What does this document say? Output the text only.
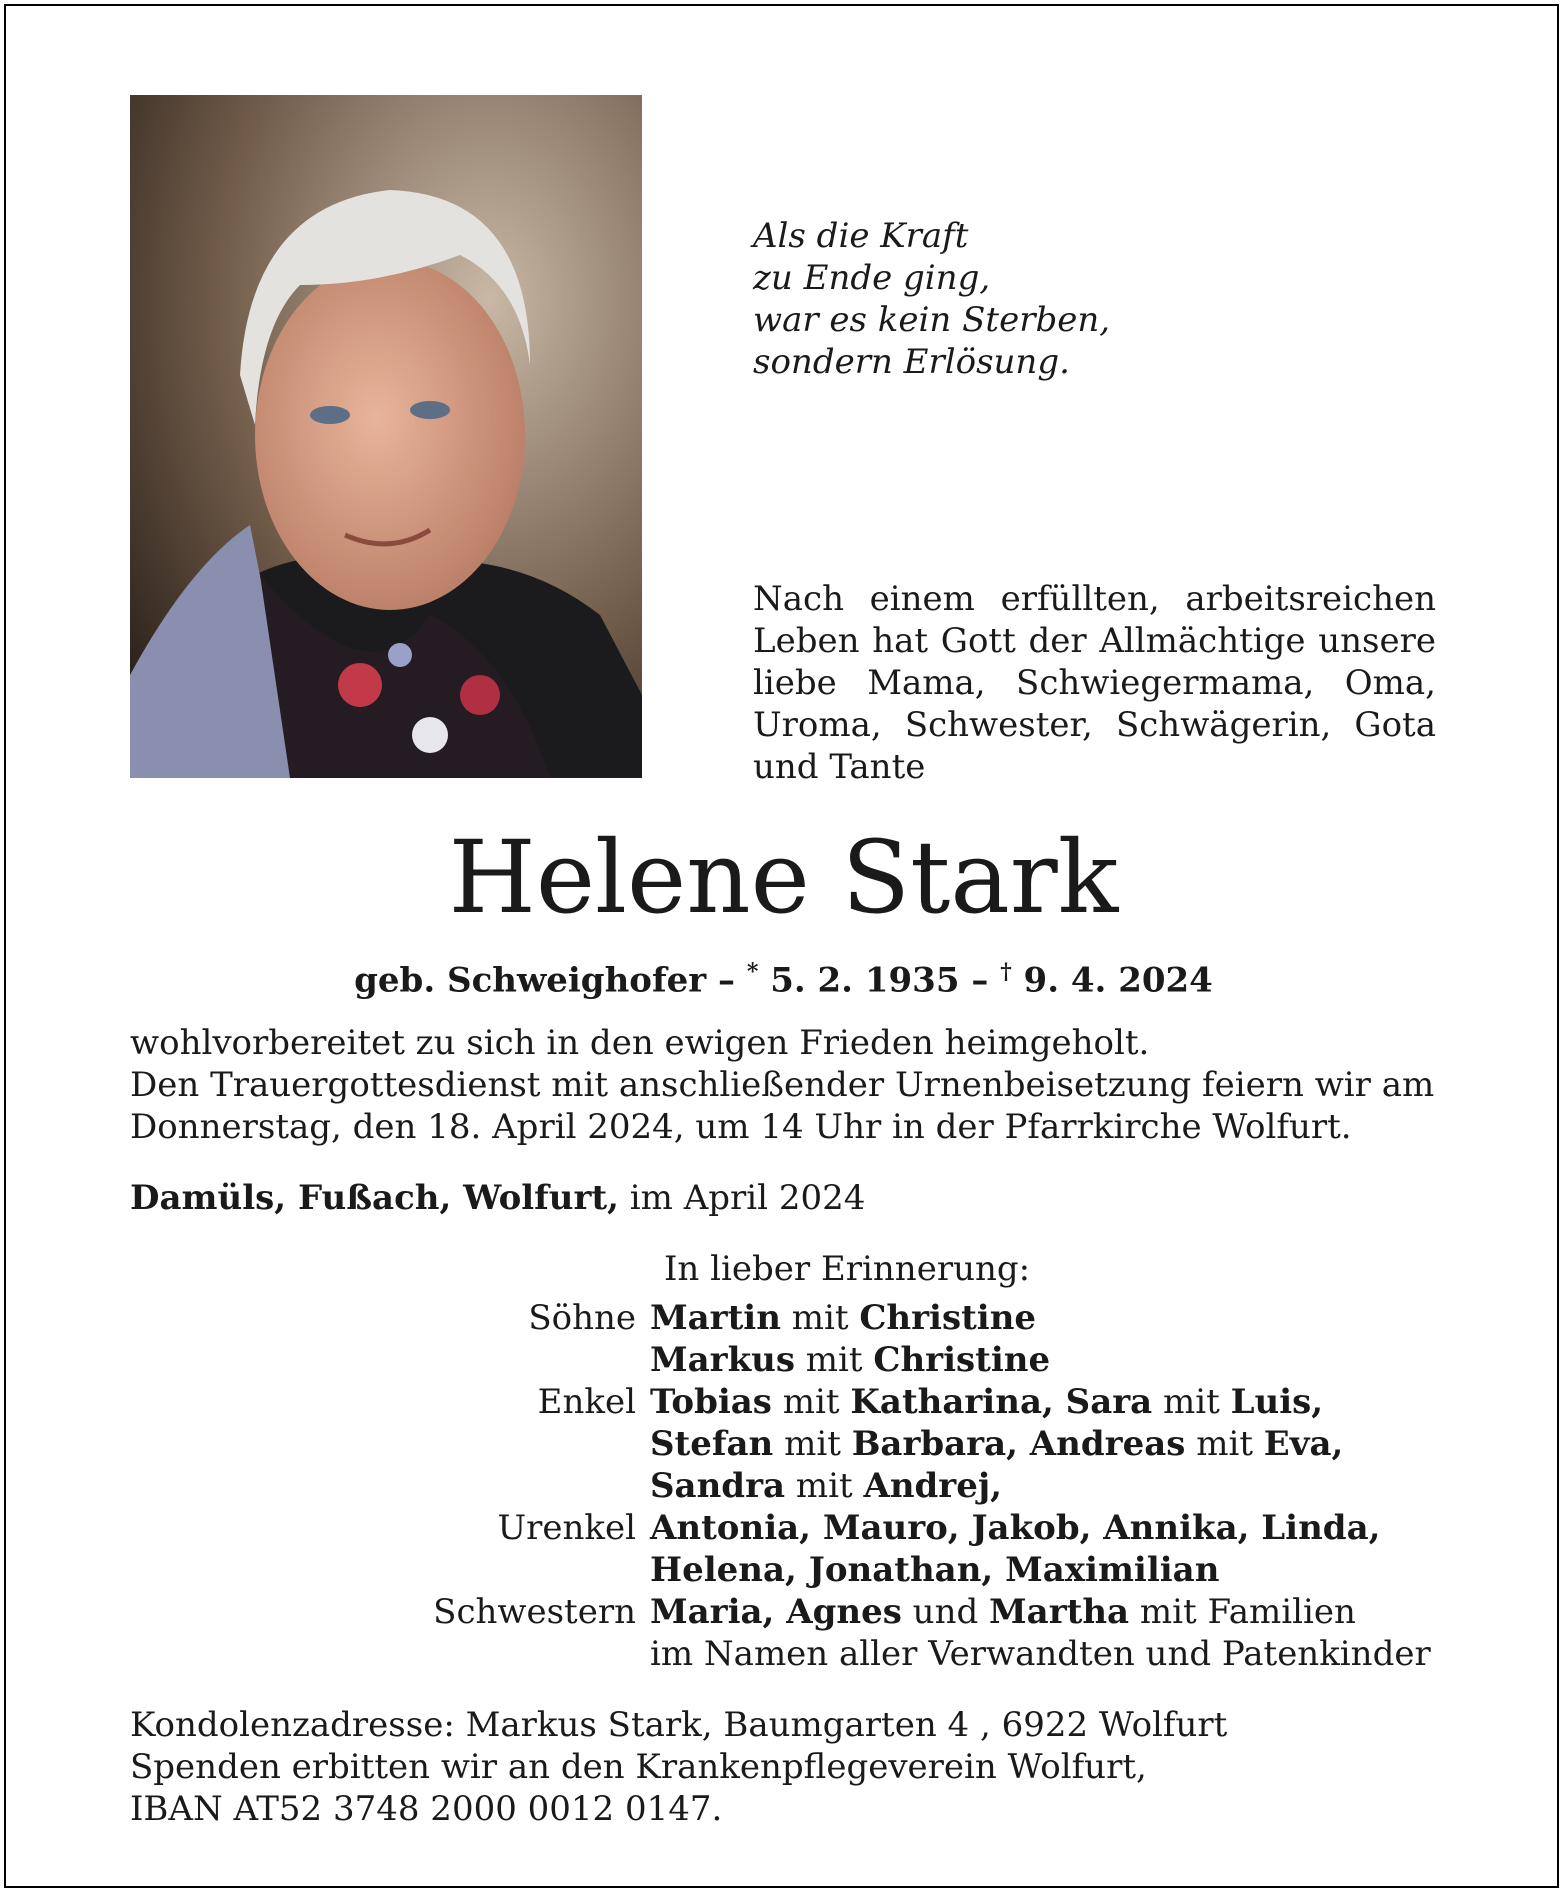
Als die Kraft
zu Ende ging,
war es kein Sterben,
sondern Erlösung.
Nach einem erfüllten, arbeitsreichen Leben hat Gott der Allmächtige unsere liebe Mama, Schwiegermama, Oma, Uroma, Schwester, Schwägerin, Gota und Tante
Helene Stark
geb. Schweighofer – * 5. 2. 1935 – † 9. 4. 2024
wohlvorbereitet zu sich in den ewigen Frieden heimgeholt.
Den Trauergottesdienst mit anschließender Urnenbeisetzung feiern wir am
Donnerstag, den 18. April 2024, um 14 Uhr in der Pfarrkirche Wolfurt.
Damüls, Fußach, Wolfurt, im April 2024
In lieber Erinnerung:
Söhne Martin mit Christine
Markus mit Christine
Enkel Tobias mit Katharina, Sara mit Luis,
Stefan mit Barbara, Andreas mit Eva,
Sandra mit Andrej,
Urenkel Antonia, Mauro, Jakob, Annika, Linda,
Helena, Jonathan, Maximilian
Schwestern Maria, Agnes und Martha mit Familien
im Namen aller Verwandten und Patenkinder
Kondolenzadresse: Markus Stark, Baumgarten 4 , 6922 Wolfurt
Spenden erbitten wir an den Krankenpflegeverein Wolfurt,
IBAN AT52 3748 2000 0012 0147.
